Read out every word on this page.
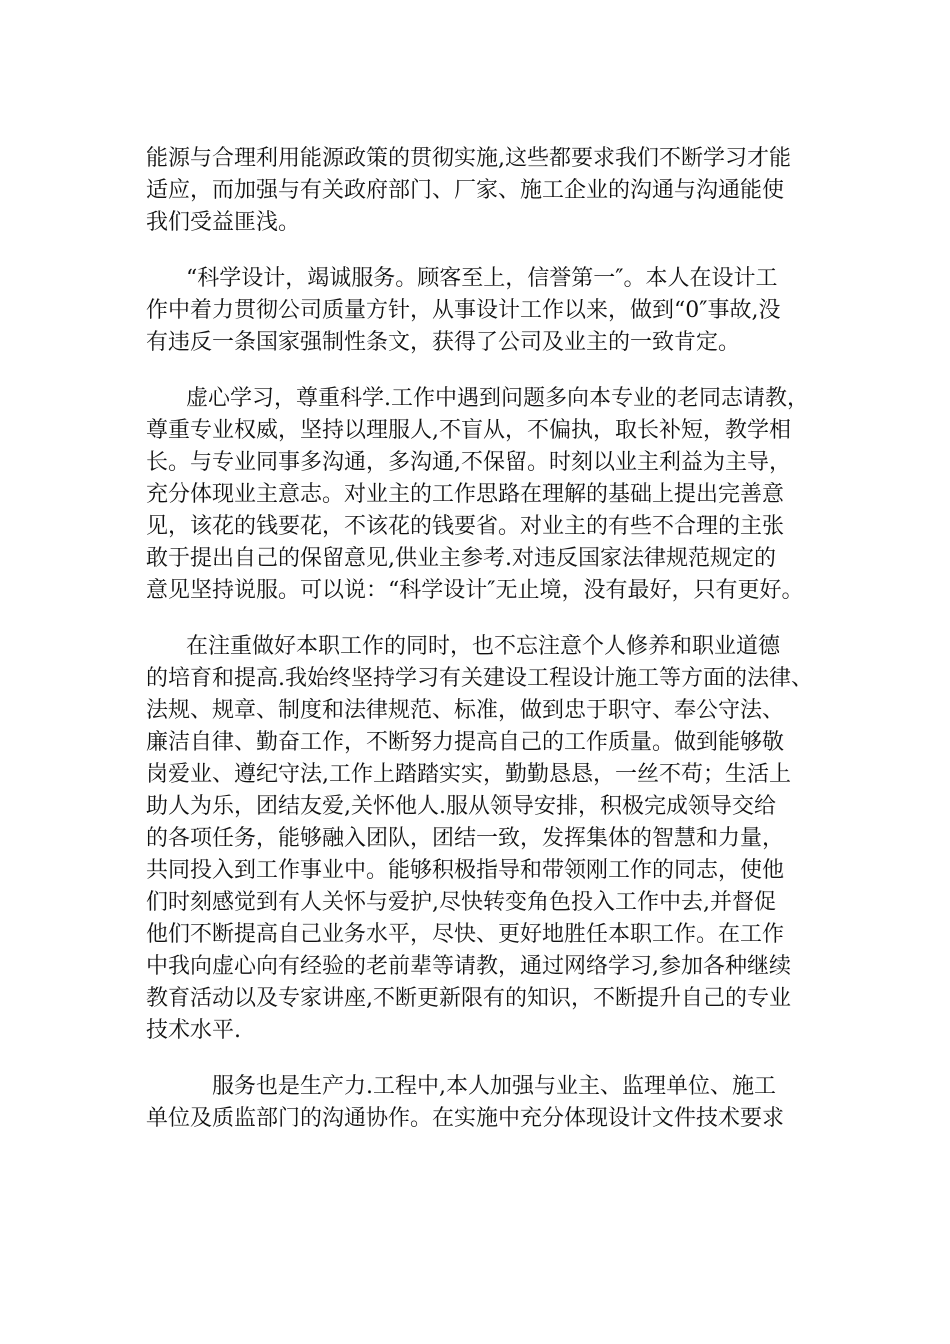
能源与合理利用能源政策的贯彻实施,这些都要求我们不断学习才能
适应，而加强与有关政府部门、厂家、施工企业的沟通与沟通能使
我们受益匪浅。

“科学设计，竭诚服务。顾客至上，信誉第一″。本人在设计工
作中着力贯彻公司质量方针，从事设计工作以来，做到“0″事故,没
有违反一条国家强制性条文，获得了公司及业主的一致肯定。

虚心学习，尊重科学.工作中遇到问题多向本专业的老同志请教，
尊重专业权威，坚持以理服人,不盲从，不偏执，取长补短，教学相
长。与专业同事多沟通，多沟通,不保留。时刻以业主利益为主导，
充分体现业主意志。对业主的工作思路在理解的基础上提出完善意
见，该花的钱要花，不该花的钱要省。对业主的有些不合理的主张
敢于提出自己的保留意见,供业主参考.对违反国家法律规范规定的
意见坚持说服。可以说：“科学设计″无止境，没有最好，只有更好。

在注重做好本职工作的同时，也不忘注意个人修养和职业道德
的培育和提高.我始终坚持学习有关建设工程设计施工等方面的法律、
法规、规章、制度和法律规范、标准，做到忠于职守、奉公守法、
廉洁自律、勤奋工作，不断努力提高自己的工作质量。做到能够敬
岗爱业、遵纪守法,工作上踏踏实实，勤勤恳恳，一丝不苟；生活上
助人为乐，团结友爱,关怀他人.服从领导安排，积极完成领导交给
的各项任务，能够融入团队，团结一致，发挥集体的智慧和力量，
共同投入到工作事业中。能够积极指导和带领刚工作的同志，使他
们时刻感觉到有人关怀与爱护,尽快转变角色投入工作中去,并督促
他们不断提高自己业务水平，尽快、更好地胜任本职工作。在工作
中我向虚心向有经验的老前辈等请教，通过网络学习,参加各种继续
教育活动以及专家讲座,不断更新限有的知识，不断提升自己的专业
技术水平.

服务也是生产力.工程中,本人加强与业主、监理单位、施工
单位及质监部门的沟通协作。在实施中充分体现设计文件技术要求
